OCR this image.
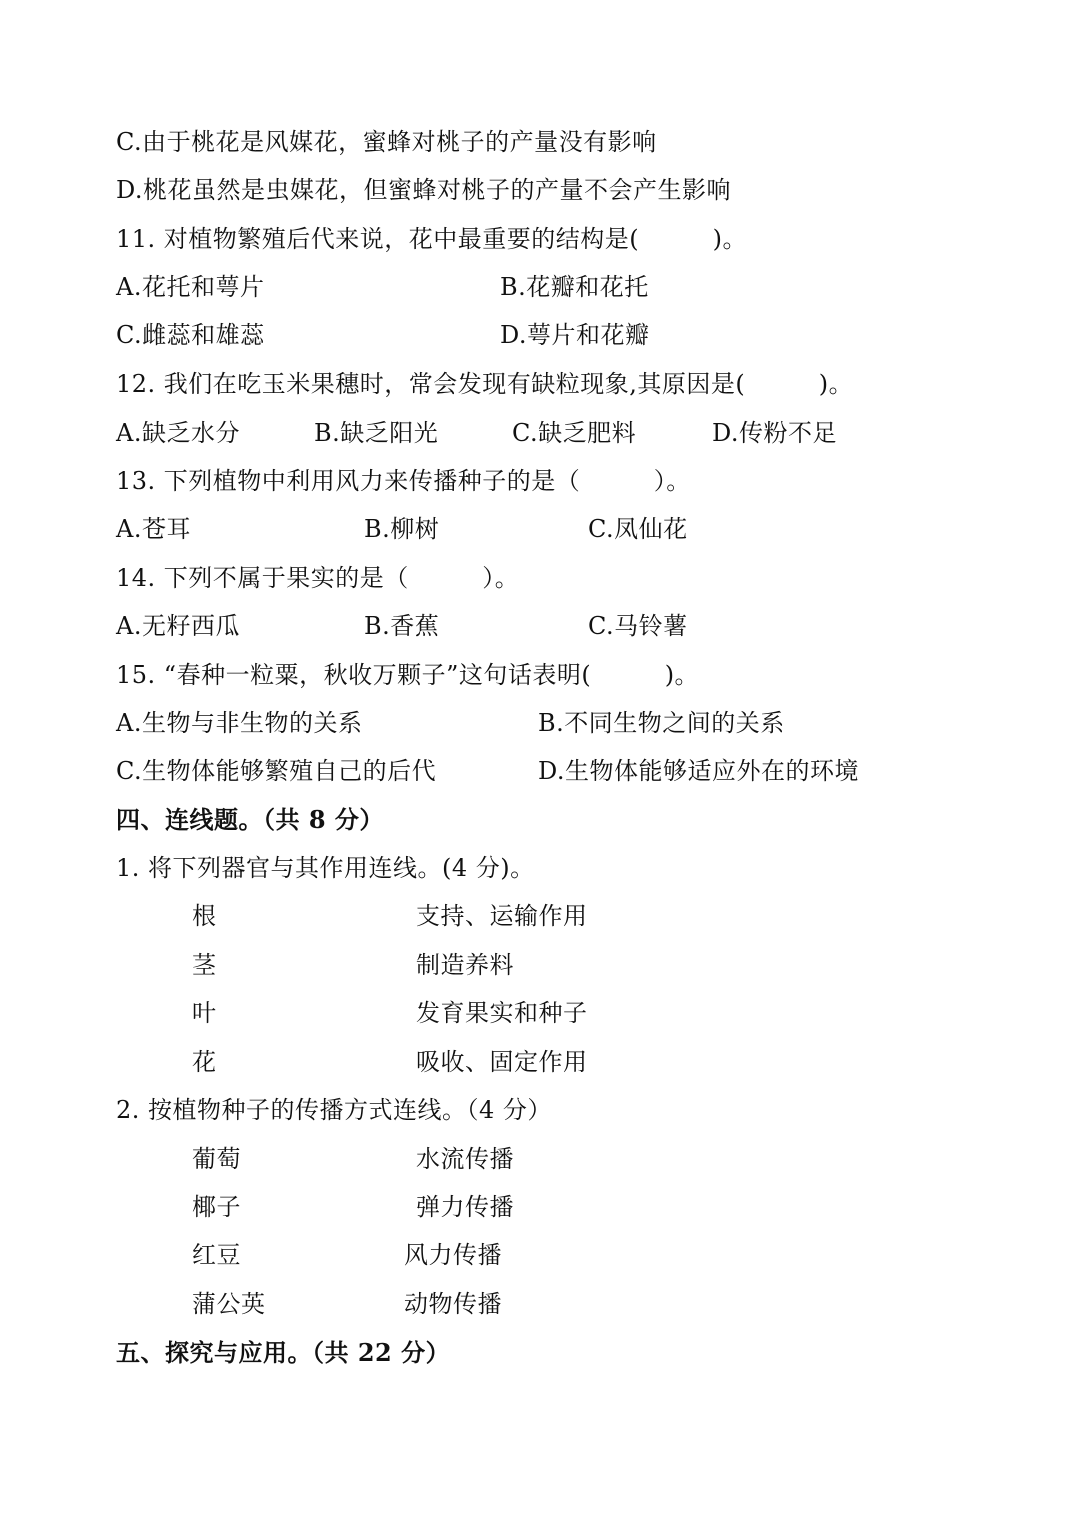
C.由于桃花是风媒花，蜜蜂对桃子的产量没有影响
D.桃花虽然是虫媒花，但蜜蜂对桃子的产量不会产生影响
11. 对植物繁殖后代来说，花中最重要的结构是(　　　)。
A.花托和萼片	B.花瓣和花托
C.雌蕊和雄蕊	D.萼片和花瓣
12. 我们在吃玉米果穗时，常会发现有缺粒现象,其原因是(　　　)。
A.缺乏水分	B.缺乏阳光	C.缺乏肥料	D.传粉不足
13. 下列植物中利用风力来传播种子的是（　　　）。
A.苍耳	B.柳树	C.凤仙花
14. 下列不属于果实的是（　　　）。
A.无籽西瓜	B.香蕉	C.马铃薯
15. “春种一粒粟，秋收万颗子”这句话表明(　　　)。
A.生物与非生物的关系	B.不同生物之间的关系
C.生物体能够繁殖自己的后代	D.生物体能够适应外在的环境
四、连线题。（共 8 分）
1. 将下列器官与其作用连线。(4 分)。
根	支持、运输作用
茎	制造养料
叶	发育果实和种子
花	吸收、固定作用
2. 按植物种子的传播方式连线。（4 分）
葡萄	水流传播
椰子	弹力传播
红豆	风力传播
蒲公英	动物传播
五、探究与应用。（共 22 分）
